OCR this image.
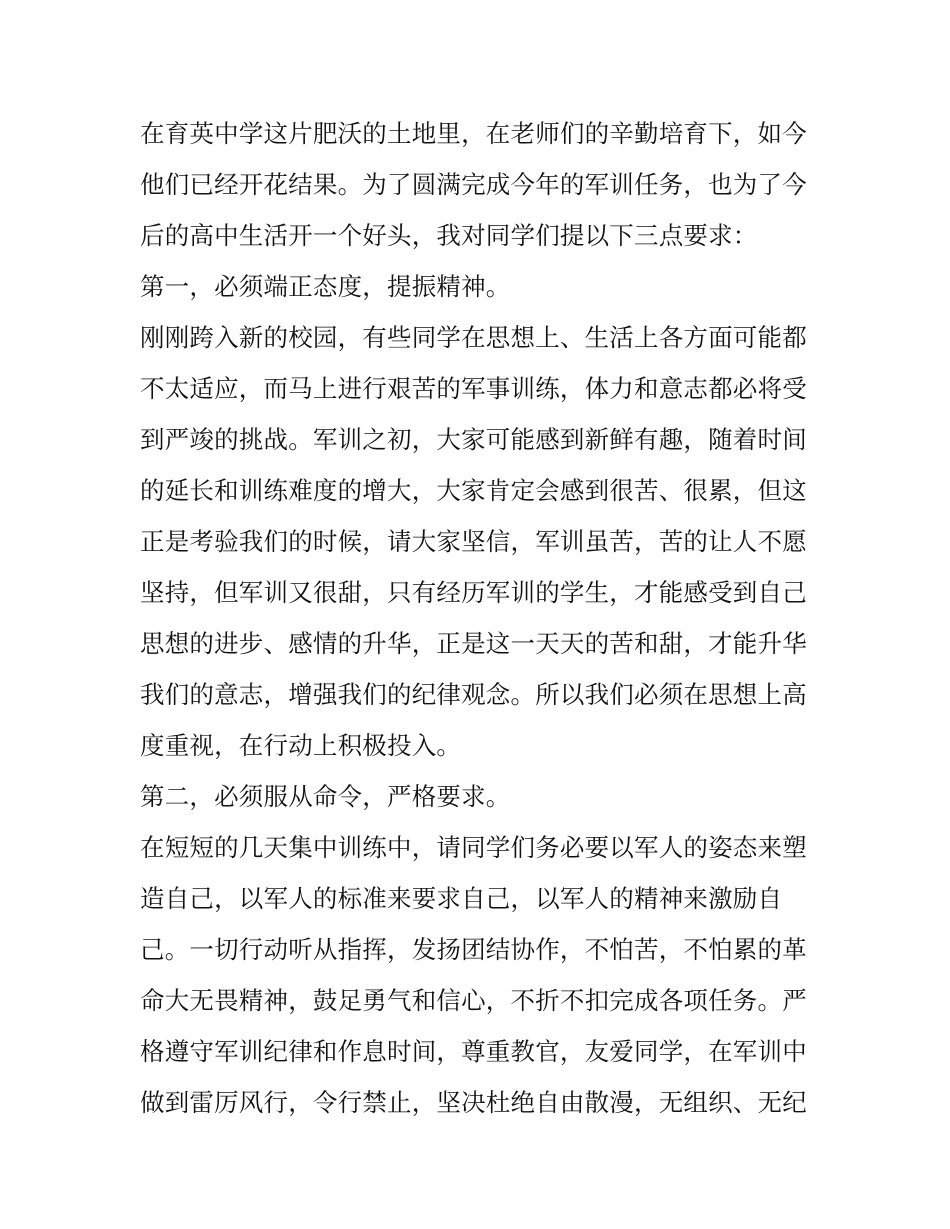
在育英中学这片肥沃的土地里，在老师们的辛勤培育下，如今
他们已经开花结果。为了圆满完成今年的军训任务，也为了今
后的高中生活开一个好头，我对同学们提以下三点要求：
第一，必须端正态度，提振精神。
刚刚跨入新的校园，有些同学在思想上、生活上各方面可能都
不太适应，而马上进行艰苦的军事训练，体力和意志都必将受
到严竣的挑战。军训之初，大家可能感到新鲜有趣，随着时间
的延长和训练难度的增大，大家肯定会感到很苦、很累，但这
正是考验我们的时候，请大家坚信，军训虽苦，苦的让人不愿
坚持，但军训又很甜，只有经历军训的学生，才能感受到自己
思想的进步、感情的升华，正是这一天天的苦和甜，才能升华
我们的意志，增强我们的纪律观念。所以我们必须在思想上高
度重视，在行动上积极投入。
第二，必须服从命令，严格要求。
在短短的几天集中训练中，请同学们务必要以军人的姿态来塑
造自己，以军人的标准来要求自己，以军人的精神来激励自
己。一切行动听从指挥，发扬团结协作，不怕苦，不怕累的革
命大无畏精神，鼓足勇气和信心，不折不扣完成各项任务。严
格遵守军训纪律和作息时间，尊重教官，友爱同学，在军训中
做到雷厉风行，令行禁止，坚决杜绝自由散漫，无组织、无纪
